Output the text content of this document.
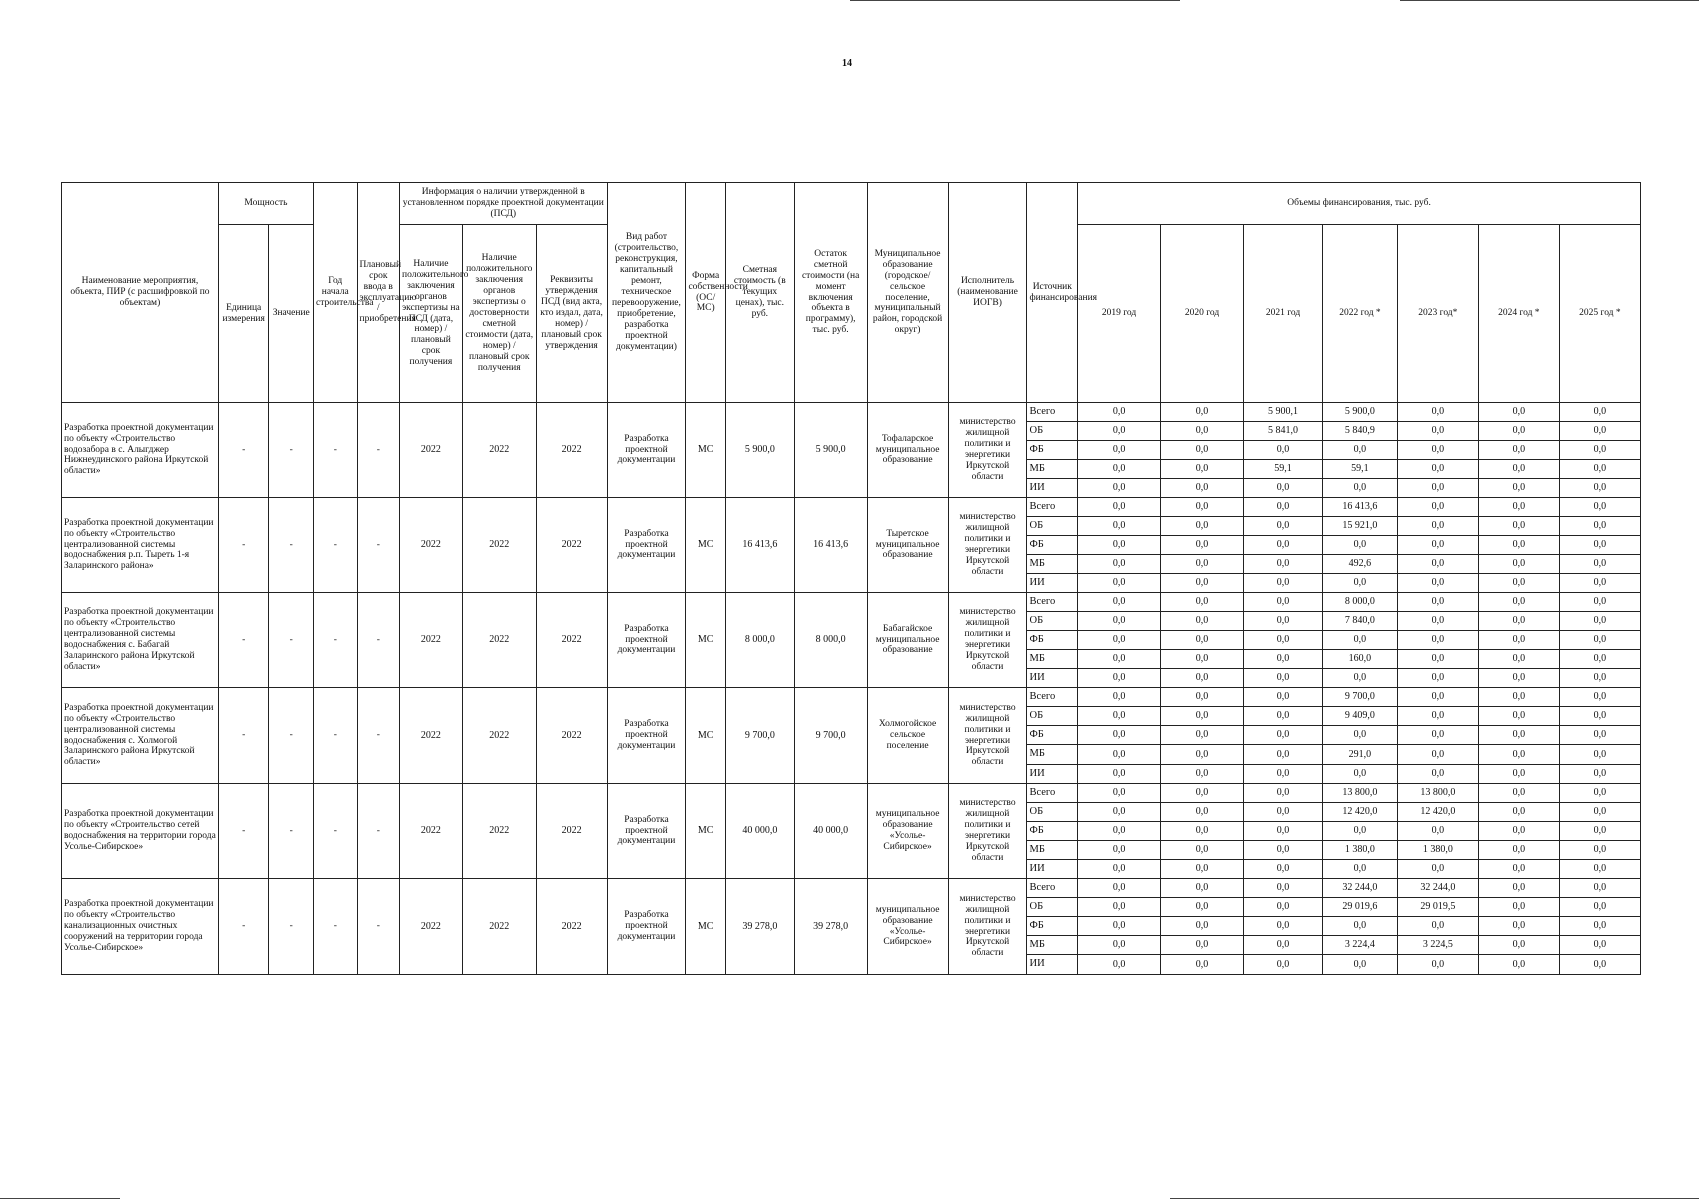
14
Наименование мероприятия, объекта, ПИР (с расшифровкой по объектам)	Мощность		Год начала строительства	Плановый срок ввода в эксплуатацию / приобретения	Информация о наличии утвержденной в установленном порядке проектной документации (ПСД)			Вид работ (строительство, реконструкция, капитальный ремонт, техническое перевооружение, приобретение, разработка проектной документации)	Форма собственности (ОС/МС)	Сметная стоимость (в текущих ценах), тыс. руб.	Остаток сметной стоимости (на момент включения объекта в программу), тыс. руб.	Муниципальное образование (городское/сельское поселение, муниципальный район, городской округ)	Исполнитель (наименование ИОГВ)	Источник финансирования	Объемы финансирования, тыс. руб.						
	Единица измерения	Значение			Наличие положительного заключения органов экспертизы на ПСД (дата, номер) / плановый срок получения	Наличие положительного заключения органов экспертизы о достоверности сметной стоимости (дата, номер) / плановый срок получения	Реквизиты утверждения ПСД (вид акта, кто издал, дата, номер) / плановый срок утверждения								2019 год	2020 год	2021 год	2022 год *	2023 год*	2024 год *	2025 год *
Разработка проектной документации по объекту «Строительство водозабора в с. Алыгджер Нижнеудинского района Иркутской области»	-	-	-	-	2022	2022	2022	Разработка проектной документации	МС	5 900,0	5 900,0	Тофаларское муниципальное образование	министерство жилищной политики и энергетики Иркутской области	Всего	0,0	0,0	5 900,1	5 900,0	0,0	0,0	0,0
														ОБ	0,0	0,0	5 841,0	5 840,9	0,0	0,0	0,0
														ФБ	0,0	0,0	0,0	0,0	0,0	0,0	0,0
														МБ	0,0	0,0	59,1	59,1	0,0	0,0	0,0
														ИИ	0,0	0,0	0,0	0,0	0,0	0,0	0,0
Разработка проектной документации по объекту «Строительство централизованной системы водоснабжения р.п. Тыреть 1-я Заларинского района»	-	-	-	-	2022	2022	2022	Разработка проектной документации	МС	16 413,6	16 413,6	Тыретское муниципальное образование	министерство жилищной политики и энергетики Иркутской области	Всего	0,0	0,0	0,0	16 413,6	0,0	0,0	0,0
														ОБ	0,0	0,0	0,0	15 921,0	0,0	0,0	0,0
														ФБ	0,0	0,0	0,0	0,0	0,0	0,0	0,0
														МБ	0,0	0,0	0,0	492,6	0,0	0,0	0,0
														ИИ	0,0	0,0	0,0	0,0	0,0	0,0	0,0
Разработка проектной документации по объекту «Строительство централизованной системы водоснабжения с. Бабагай Заларинского района Иркутской области»	-	-	-	-	2022	2022	2022	Разработка проектной документации	МС	8 000,0	8 000,0	Бабагайское муниципальное образование	министерство жилищной политики и энергетики Иркутской области	Всего	0,0	0,0	0,0	8 000,0	0,0	0,0	0,0
														ОБ	0,0	0,0	0,0	7 840,0	0,0	0,0	0,0
														ФБ	0,0	0,0	0,0	0,0	0,0	0,0	0,0
														МБ	0,0	0,0	0,0	160,0	0,0	0,0	0,0
														ИИ	0,0	0,0	0,0	0,0	0,0	0,0	0,0
Разработка проектной документации по объекту «Строительство централизованной системы водоснабжения с. Холмогой Заларинского района Иркутской области»	-	-	-	-	2022	2022	2022	Разработка проектной документации	МС	9 700,0	9 700,0	Холмогойское сельское поселение	министерство жилищной политики и энергетики Иркутской области	Всего	0,0	0,0	0,0	9 700,0	0,0	0,0	0,0
														ОБ	0,0	0,0	0,0	9 409,0	0,0	0,0	0,0
														ФБ	0,0	0,0	0,0	0,0	0,0	0,0	0,0
														МБ	0,0	0,0	0,0	291,0	0,0	0,0	0,0
														ИИ	0,0	0,0	0,0	0,0	0,0	0,0	0,0
Разработка проектной документации по объекту «Строительство сетей водоснабжения на территории города Усолье-Сибирское»	-	-	-	-	2022	2022	2022	Разработка проектной документации	МС	40 000,0	40 000,0	муниципальное образование «Усолье-Сибирское»	министерство жилищной политики и энергетики Иркутской области	Всего	0,0	0,0	0,0	13 800,0	13 800,0	0,0	0,0
														ОБ	0,0	0,0	0,0	12 420,0	12 420,0	0,0	0,0
														ФБ	0,0	0,0	0,0	0,0	0,0	0,0	0,0
														МБ	0,0	0,0	0,0	1 380,0	1 380,0	0,0	0,0
														ИИ	0,0	0,0	0,0	0,0	0,0	0,0	0,0
Разработка проектной документации по объекту «Строительство канализационных очистных сооружений на территории города Усолье-Сибирское»	-	-	-	-	2022	2022	2022	Разработка проектной документации	МС	39 278,0	39 278,0	муниципальное образование «Усолье-Сибирское»	министерство жилищной политики и энергетики Иркутской области	Всего	0,0	0,0	0,0	32 244,0	32 244,0	0,0	0,0
														ОБ	0,0	0,0	0,0	29 019,6	29 019,5	0,0	0,0
														ФБ	0,0	0,0	0,0	0,0	0,0	0,0	0,0
														МБ	0,0	0,0	0,0	3 224,4	3 224,5	0,0	0,0
														ИИ	0,0	0,0	0,0	0,0	0,0	0,0	0,0
